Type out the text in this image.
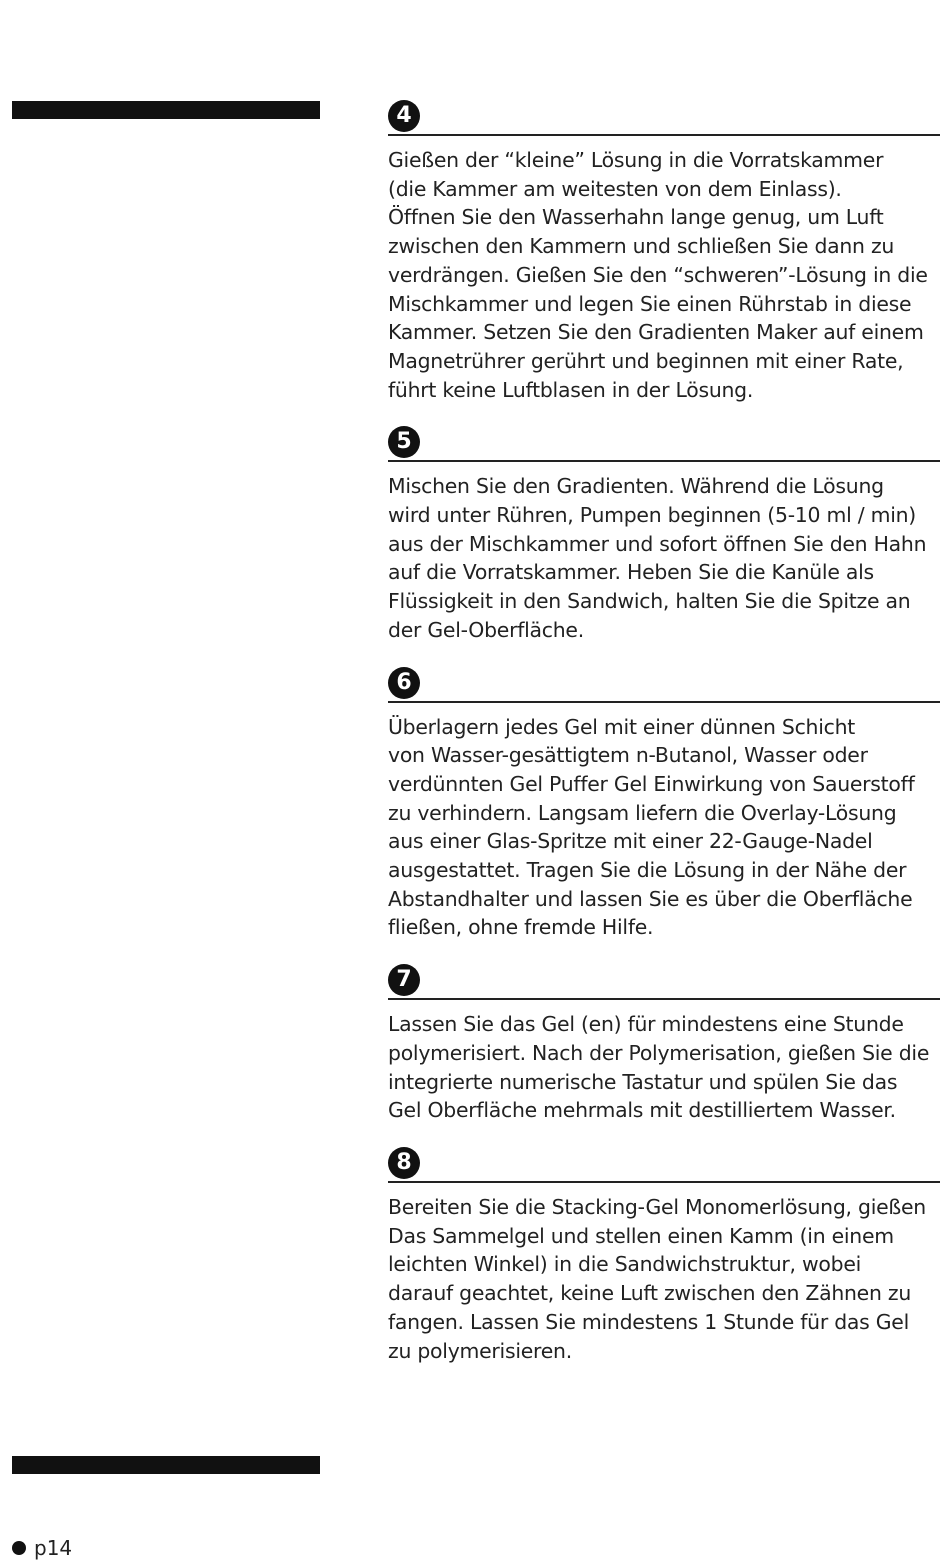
4

Gießen der “kleine” Lösung in die Vorratskammer
(die Kammer am weitesten von dem Einlass).
Öffnen Sie den Wasserhahn lange genug, um Luft
zwischen den Kammern und schließen Sie dann zu
verdrängen. Gießen Sie den “schweren”-Lösung in die
Mischkammer und legen Sie einen Rührstab in diese
Kammer. Setzen Sie den Gradienten Maker auf einem
Magnetrührer gerührt und beginnen mit einer Rate,
führt keine Luftblasen in der Lösung.

5

Mischen Sie den Gradienten. Während die Lösung
wird unter Rühren, Pumpen beginnen (5-10 ml / min)
aus der Mischkammer und sofort öffnen Sie den Hahn
auf die Vorratskammer. Heben Sie die Kanüle als
Flüssigkeit in den Sandwich, halten Sie die Spitze an
der Gel-Oberfläche.

6

Überlagern jedes Gel mit einer dünnen Schicht
von Wasser-gesättigtem n-Butanol, Wasser oder
verdünnten Gel Puffer Gel Einwirkung von Sauerstoff
zu verhindern. Langsam liefern die Overlay-Lösung
aus einer Glas-Spritze mit einer 22-Gauge-Nadel
ausgestattet. Tragen Sie die Lösung in der Nähe der
Abstandhalter und lassen Sie es über die Oberfläche
fließen, ohne fremde Hilfe.

7

Lassen Sie das Gel (en) für mindestens eine Stunde
polymerisiert. Nach der Polymerisation, gießen Sie die
integrierte numerische Tastatur und spülen Sie das
Gel Oberfläche mehrmals mit destilliertem Wasser.

8

Bereiten Sie die Stacking-Gel Monomerlösung, gießen
Das Sammelgel und stellen einen Kamm (in einem
leichten Winkel) in die Sandwichstruktur, wobei
darauf geachtet, keine Luft zwischen den Zähnen zu
fangen. Lassen Sie mindestens 1 Stunde für das Gel
zu polymerisieren.

p14
